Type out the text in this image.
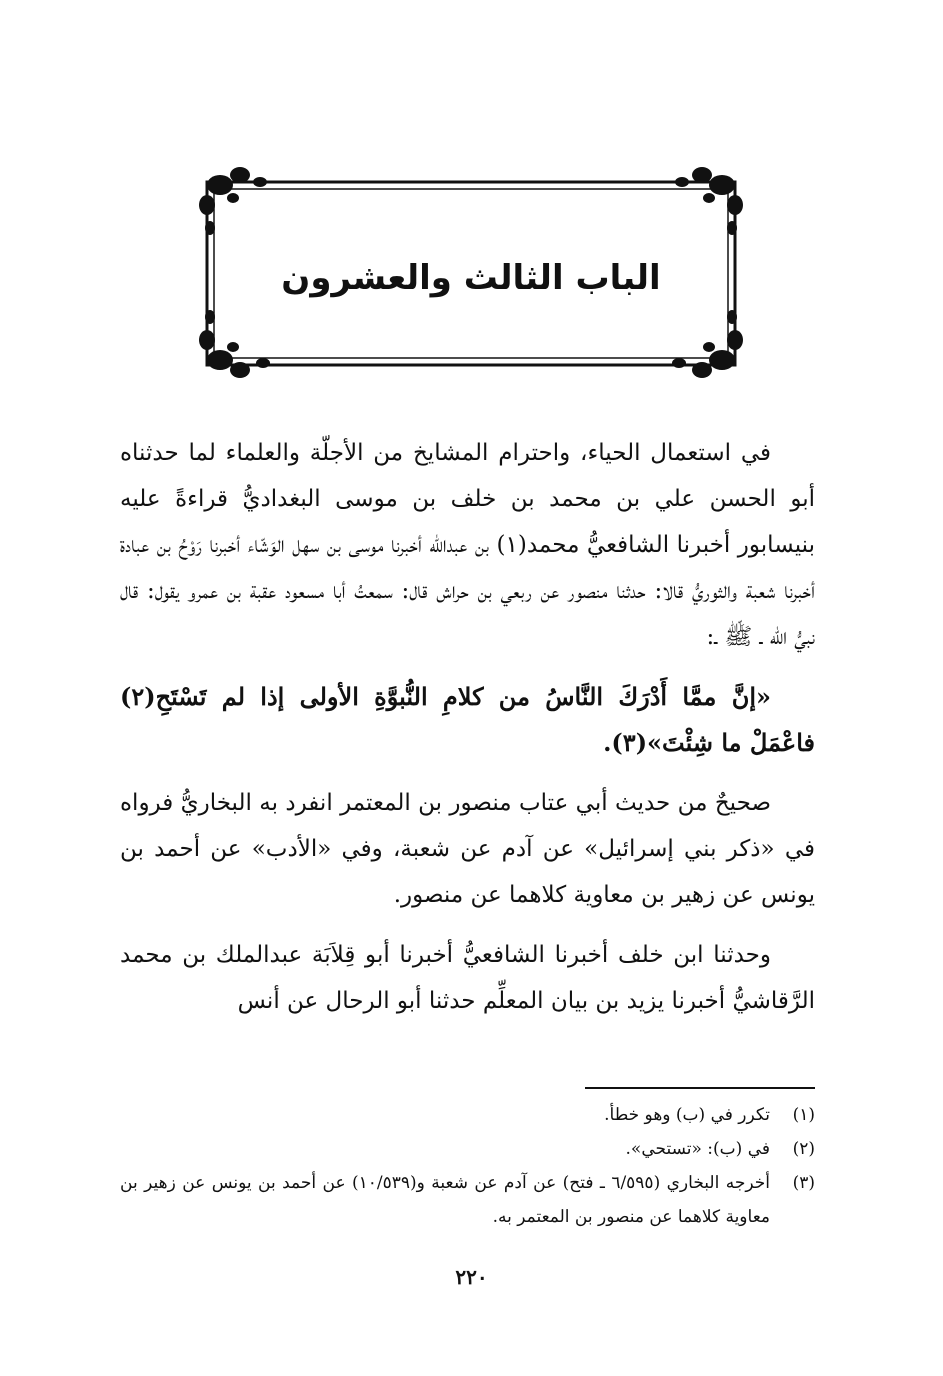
الباب الثالث والعشرون

في استعمال الحياء، واحترام المشايخ من الأجلّة والعلماء لما حدثناه أبو الحسن علي بن محمد بن خلف بن موسى البغداديُّ قراءةً عليه بنيسابور أخبرنا الشافعيُّ محمد(١) بن عبدالله أخبرنا موسى بن سهل الوَشّاء أخبرنا رَوْحُ بن عبادة أخبرنا شعبة والثوريُّ قالا: حدثنا منصور عن ربعي بن حراش قال: سمعتُ أبا مسعود عقبة بن عمرو يقول: قال نبيُّ الله ـ ﷺ ـ:

«إنَّ ممَّا أَدْرَكَ النَّاسُ من كلامِ النُّبوَّةِ الأولى إذا لم تَسْتَحِ(٢) فاعْمَلْ ما شِئْتَ»(٣).

صحيحٌ من حديث أبي عتاب منصور بن المعتمر انفرد به البخاريُّ فرواه في «ذكر بني إسرائيل» عن آدم عن شعبة، وفي «الأدب» عن أحمد بن يونس عن زهير بن معاوية كلاهما عن منصور.

وحدثنا ابن خلف أخبرنا الشافعيُّ أخبرنا أبو قِلاَبَة عبدالملك بن محمد الرَّقاشيُّ أخبرنا يزيد بن بيان المعلِّم حدثنا أبو الرحال عن أنس

(١)
تكرر في (ب) وهو خطأ.
(٢)
في (ب): «تستحي».
(٣)
أخرجه البخاري (٦/٥٩٥ ـ فتح) عن آدم عن شعبة و(١٠/٥٣٩) عن أحمد بن يونس عن زهير بن معاوية كلاهما عن منصور بن المعتمر به.
٢٢٠
